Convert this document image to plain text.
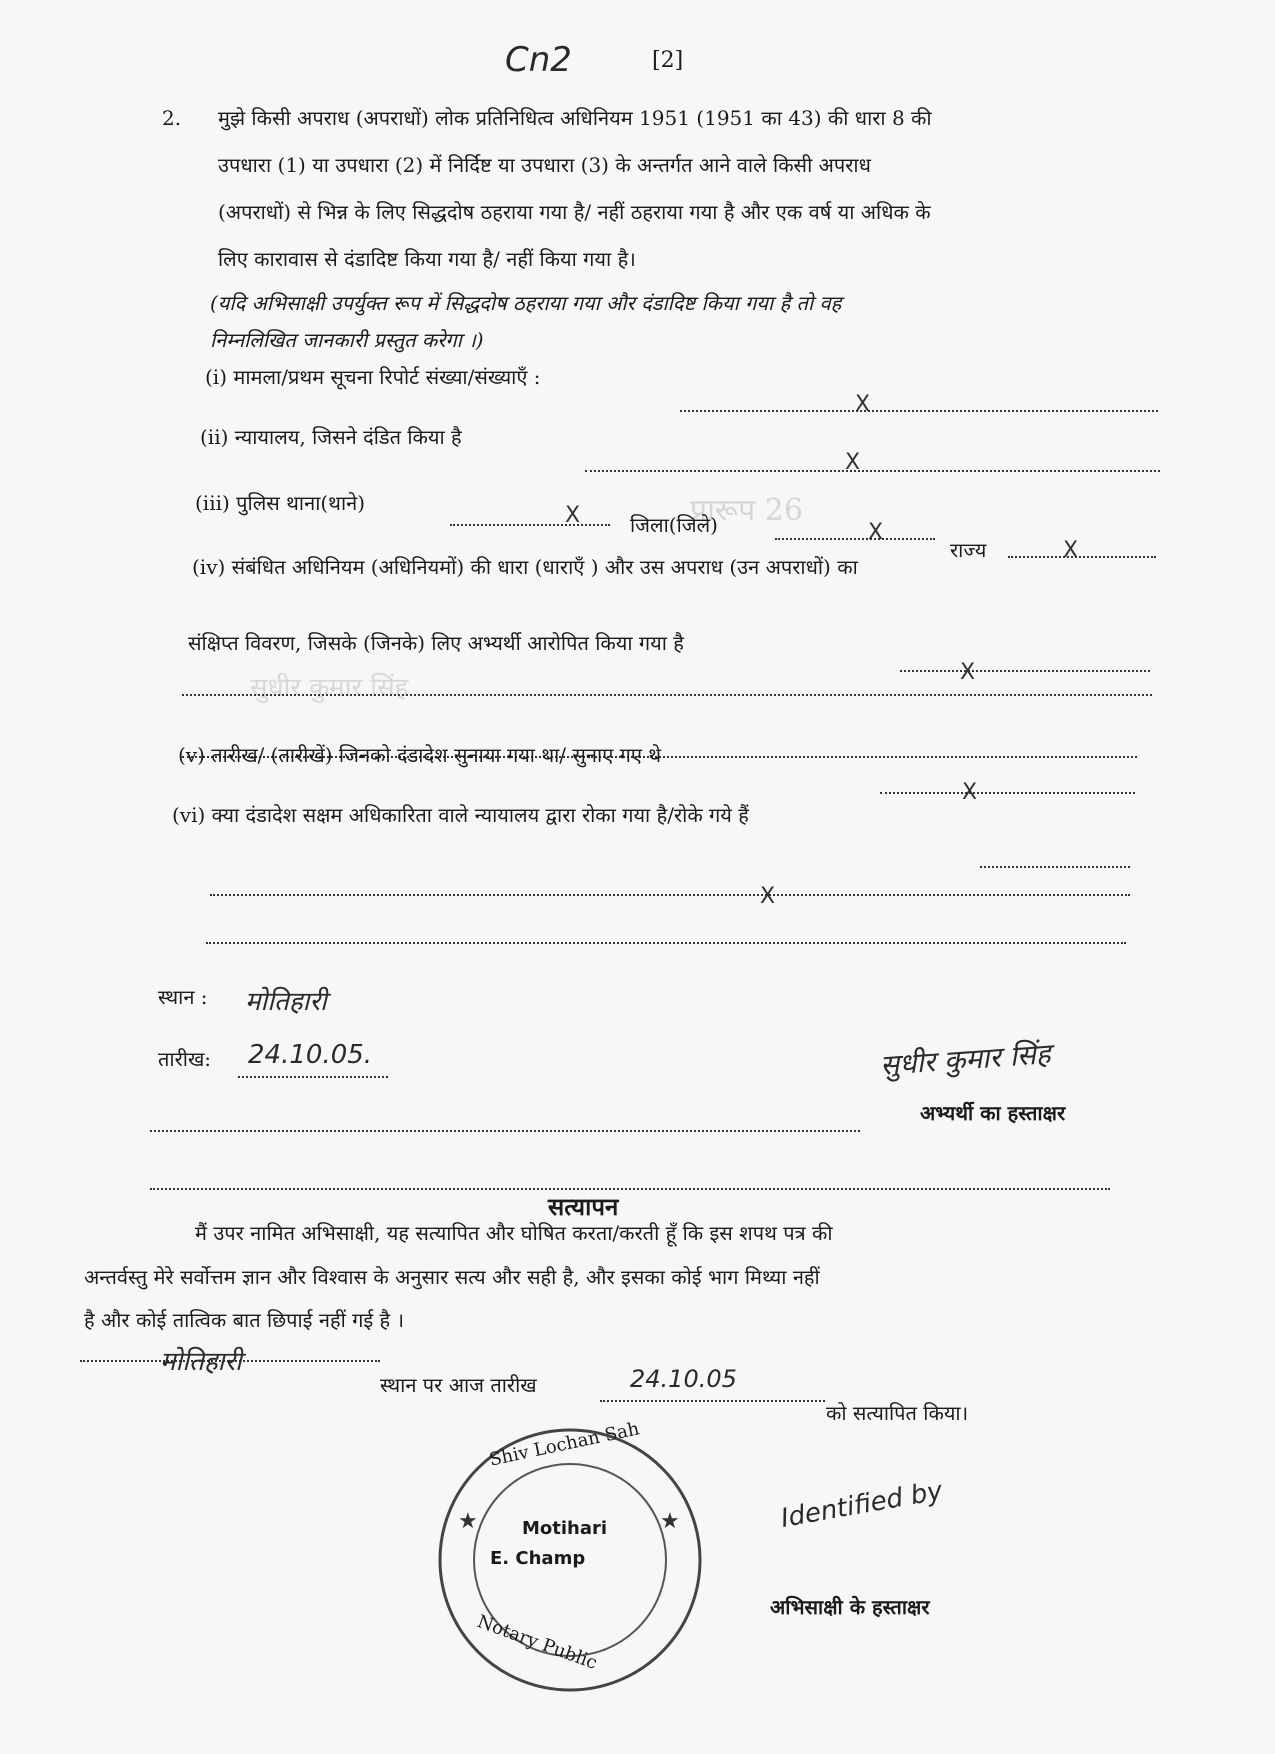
प्रारूप 26
सुधीर कुमार सिंह
Cn2	[2]
2. मुझे किसी अपराध (अपराधों) लोक प्रतिनिधित्व अधिनियम 1951 (1951 का 43) की धारा 8 की
उपधारा (1) या उपधारा (2) में निर्दिष्ट या उपधारा (3) के अन्तर्गत आने वाले किसी अपराध
(अपराधों) से भिन्न के लिए सिद्धदोष ठहराया गया है/ नहीं ठहराया गया है और एक वर्ष या अधिक के
लिए कारावास से दंडादिष्ट किया गया है/ नहीं किया गया है।
(यदि अभिसाक्षी उपर्युक्त रूप में सिद्धदोष ठहराया गया और दंडादिष्ट किया गया है तो वह
निम्नलिखित जानकारी प्रस्तुत करेगा ।)
(i) मामला/प्रथम सूचना रिपोर्ट संख्या/संख्याएँ :
X
(ii) न्यायालय, जिसने दंडित किया है
X
(iii) पुलिस थाना(थाने)	X जिला(जिले)	X
राज्य	X
(iv) संबंधित अधिनियम (अधिनियमों) की धारा (धाराएँ ) और उस अपराध (उन अपराधों) का
संक्षिप्त विवरण, जिसके (जिनके) लिए अभ्यर्थी आरोपित किया गया है
X
(v) तारीख/ (तारीखें) जिनको दंडादेश सुनाया गया था/ सुनाए गए थे
X
(vi) क्या दंडादेश सक्षम अधिकारिता वाले न्यायालय द्वारा रोका गया है/रोके गये हैं
X
स्थान : मोतिहारी
तारीख: 24.10.05.	सुधीर कुमार सिंह
अभ्यर्थी का हस्ताक्षर
सत्यापन
मैं उपर नामित अभिसाक्षी, यह सत्यापित और घोषित करता/करती हूँ कि इस शपथ पत्र की
अन्तर्वस्तु मेरे सर्वोत्तम ज्ञान और विश्वास के अनुसार सत्य और सही है, और इसका कोई भाग मिथ्या नहीं
है और कोई तात्विक बात छिपाई नहीं गई है ।
मोतिहारी
स्थान पर आज तारीख	24.10.05
को सत्यापित किया।
★	★
Shiv Lochan Sah
Motihari
E. Champ
Notary Public
Identified by
अभिसाक्षी के हस्ताक्षर
